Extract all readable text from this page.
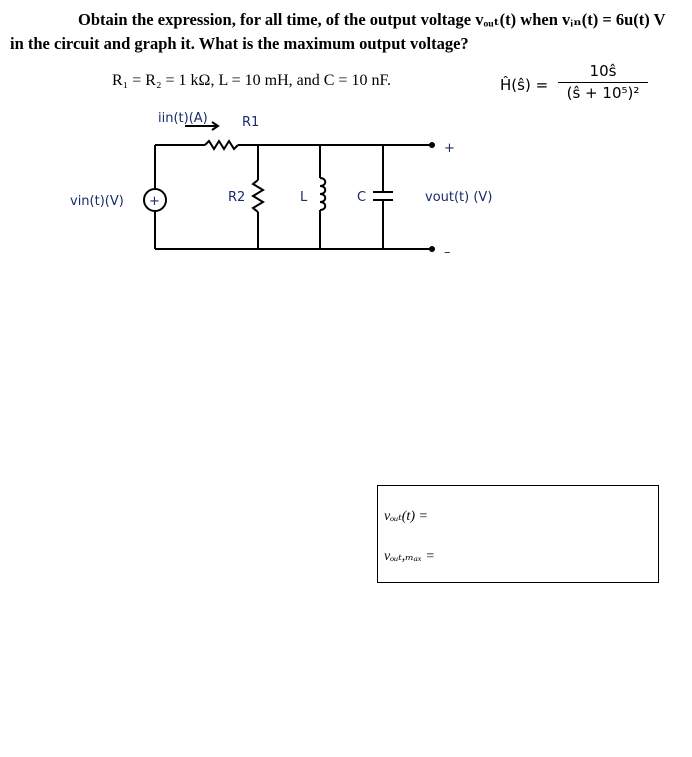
Obtain the expression, for all time, of the output voltage vₒᵤₜ(t) when vᵢₙ(t) = 6u(t) V
in the circuit and graph it. What is the maximum output voltage?
R₁ = R₂ = 1 kΩ, L = 10 mH, and C = 10 nF.	Ĥ(ŝ) =
10ŝ
(ŝ + 10⁵)²
+
vin(t)(V)
iin(t)(A)	R1
R2	L	C
+
vout(t) (V)
–
vₒᵤₜ(t) =
vₒᵤₜ,ₘₐₓ =
